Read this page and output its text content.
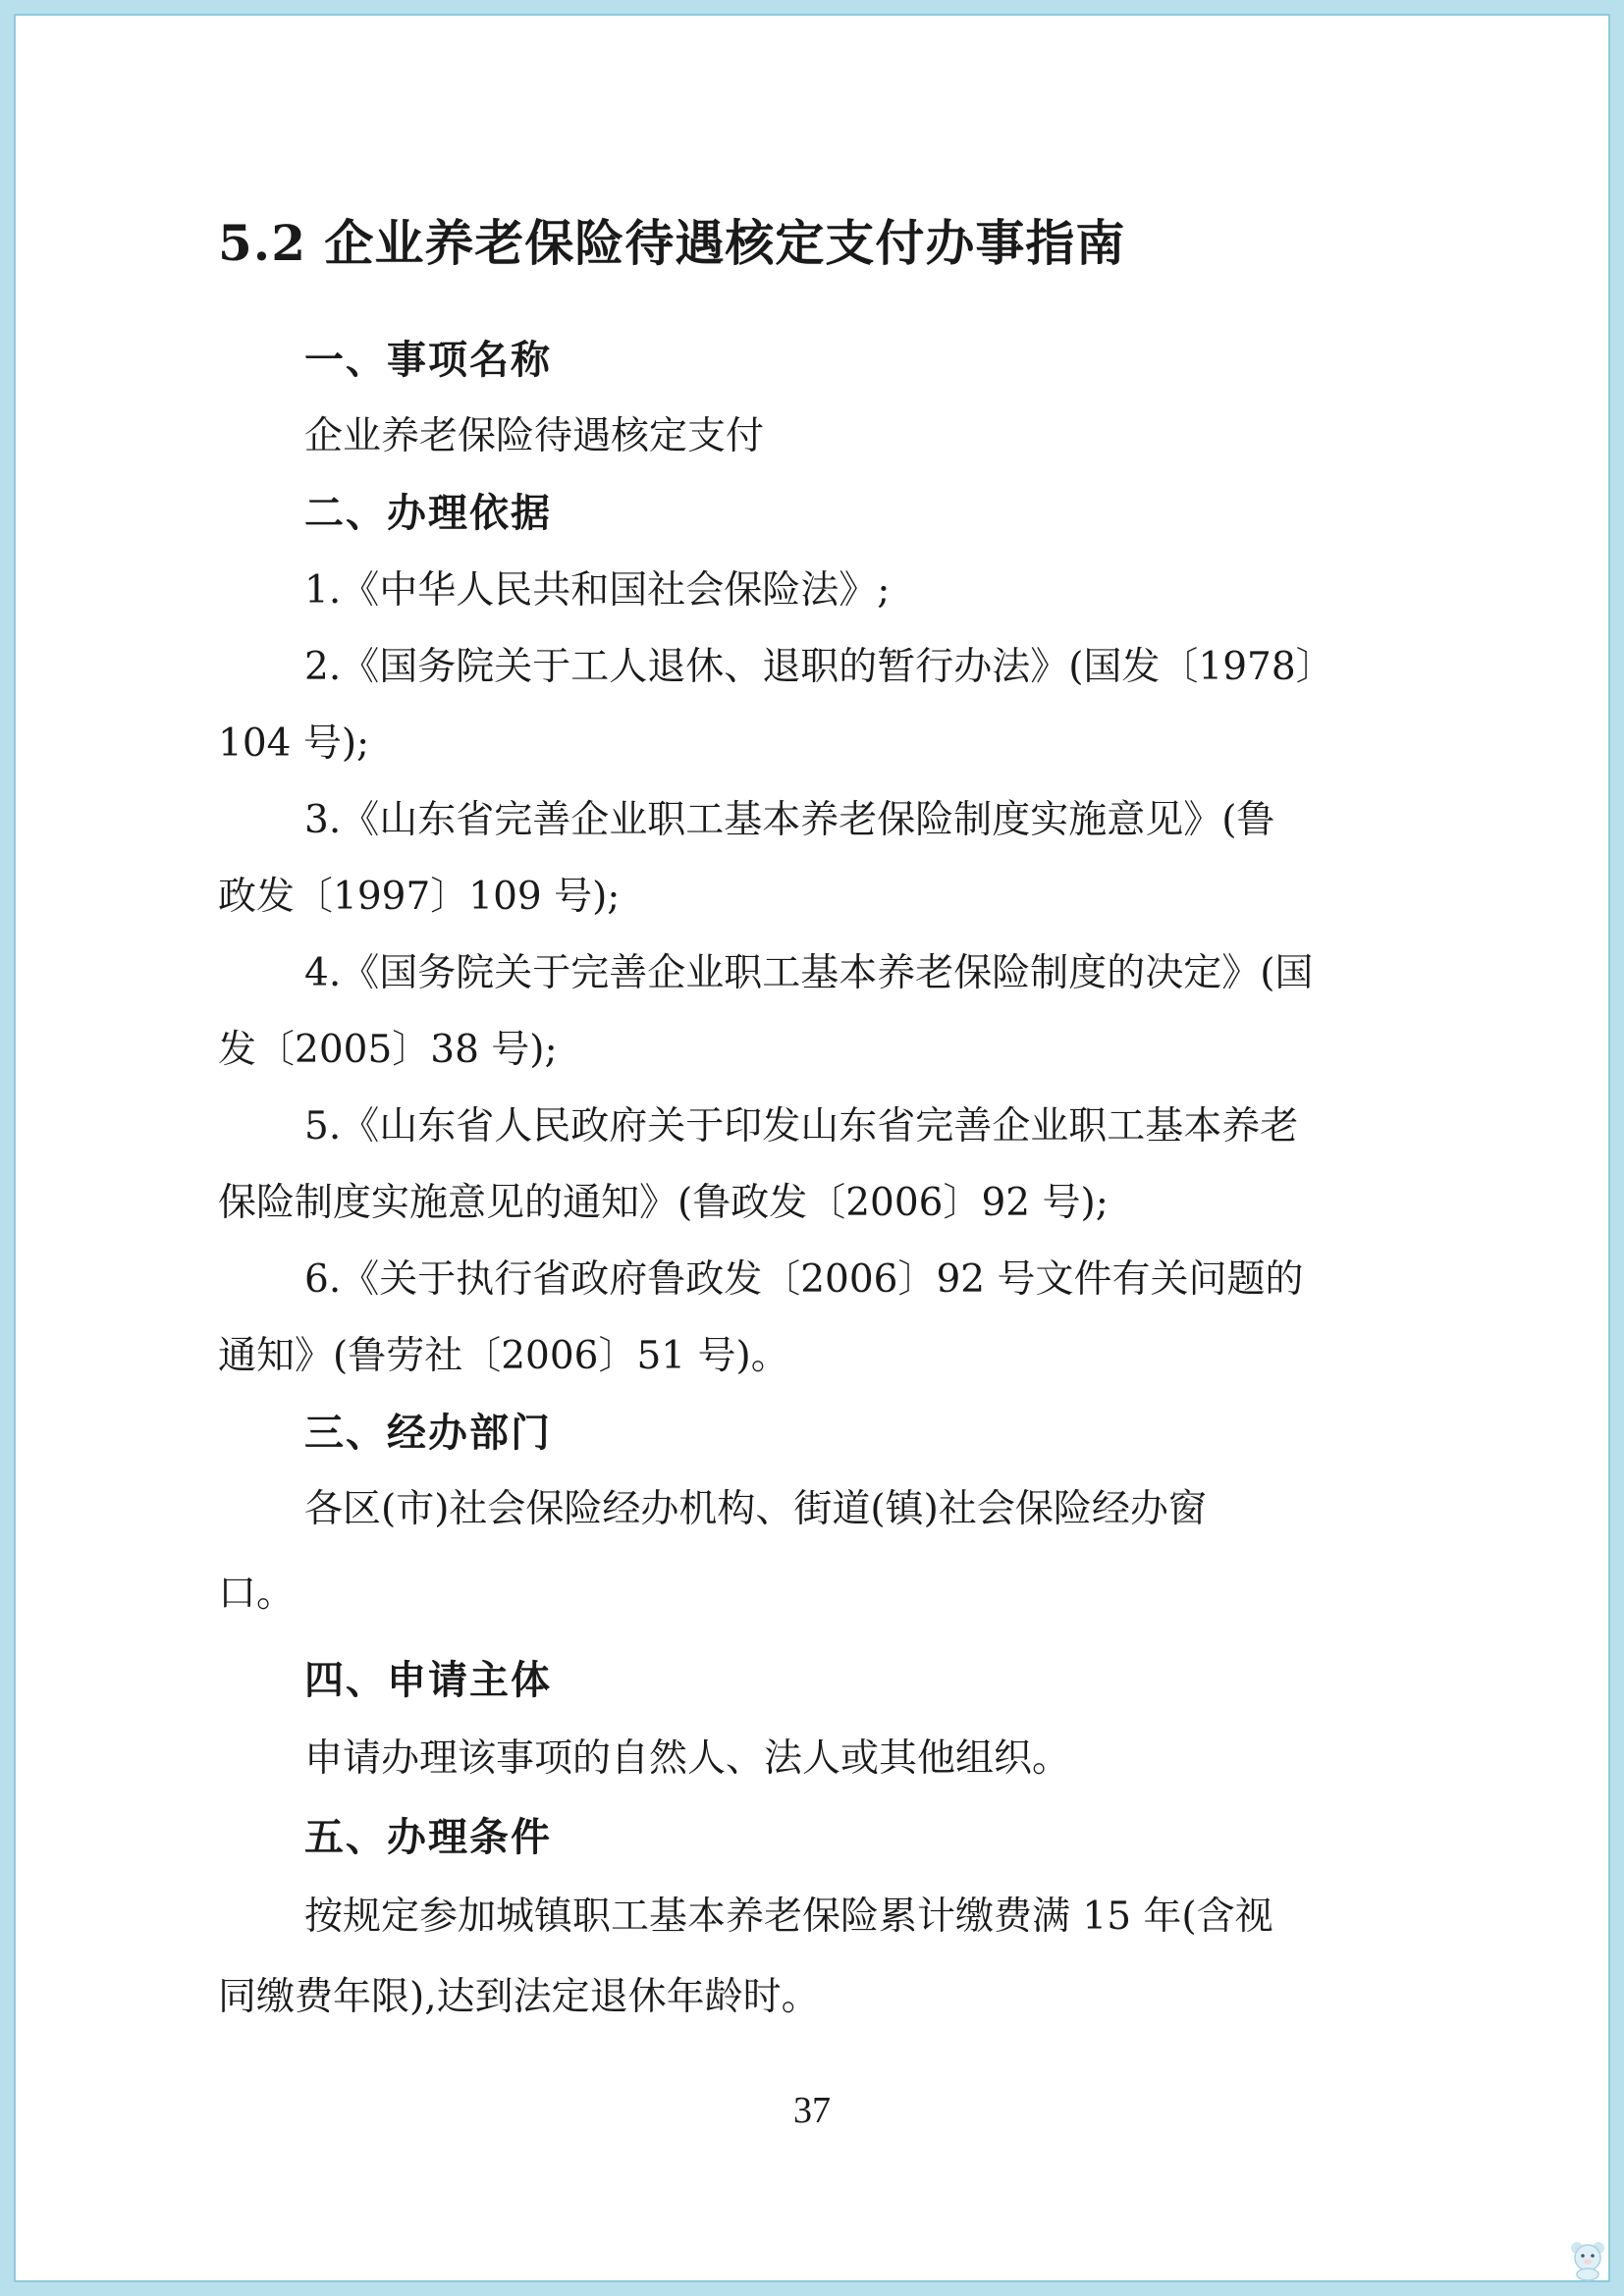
5.2 企业养老保险待遇核定支付办事指南
一、事项名称
企业养老保险待遇核定支付
二、办理依据
1.《中华人民共和国社会保险法》;
2.《国务院关于工人退休、退职的暂行办法》(国发〔1978〕
104 号);
3.《山东省完善企业职工基本养老保险制度实施意见》(鲁
政发〔1997〕109 号);
4.《国务院关于完善企业职工基本养老保险制度的决定》(国
发〔2005〕38 号);
5.《山东省人民政府关于印发山东省完善企业职工基本养老
保险制度实施意见的通知》(鲁政发〔2006〕92 号);
6.《关于执行省政府鲁政发〔2006〕92 号文件有关问题的
通知》(鲁劳社〔2006〕51 号)。
三、经办部门
各区(市)社会保险经办机构、街道(镇)社会保险经办窗
口。
四、申请主体
申请办理该事项的自然人、法人或其他组织。
五、办理条件
按规定参加城镇职工基本养老保险累计缴费满 15 年(含视
同缴费年限),达到法定退休年龄时。
37
